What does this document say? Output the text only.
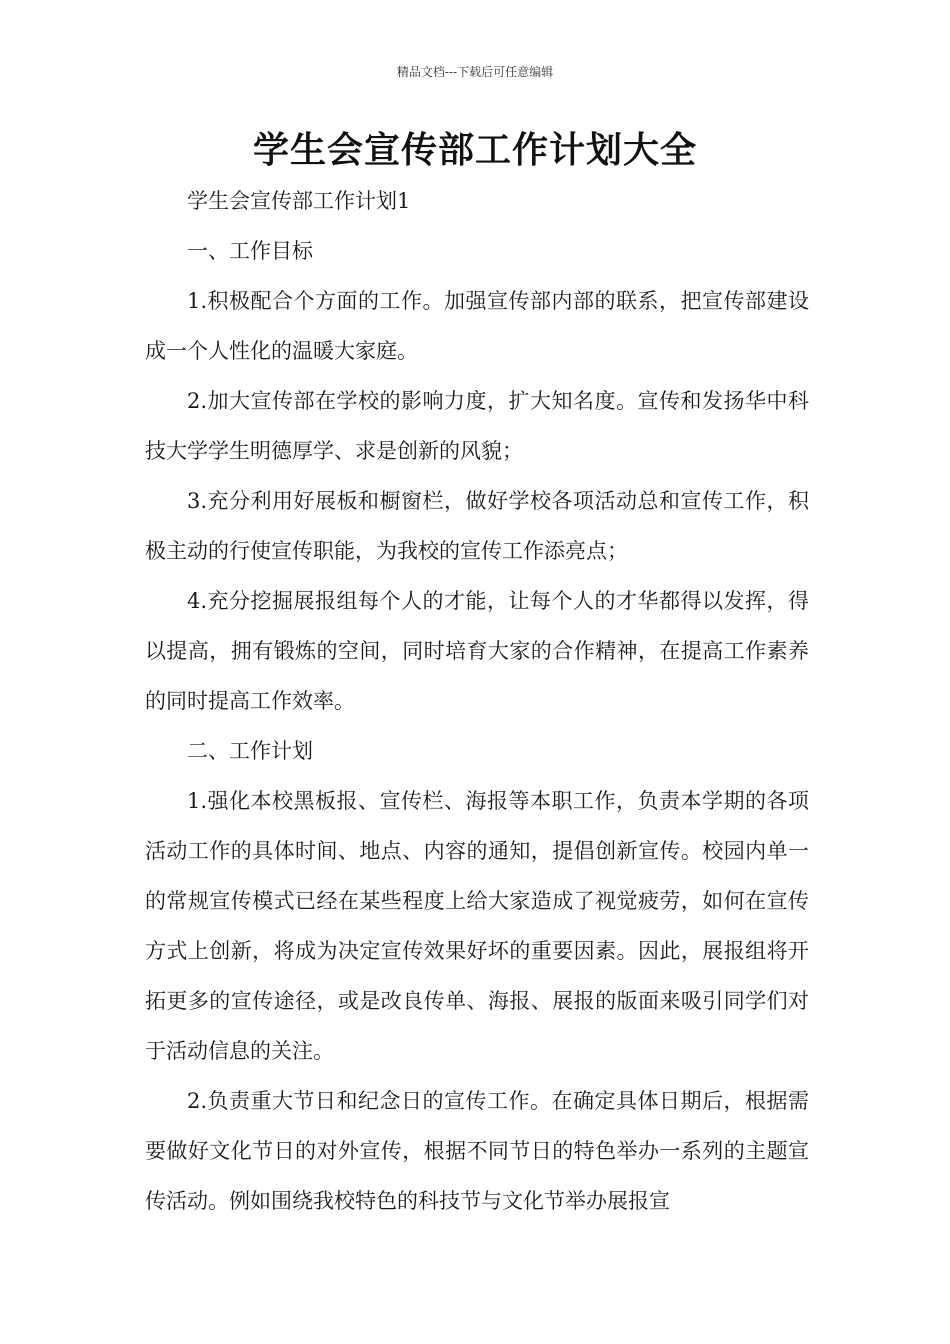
精品文档---下载后可任意编辑
学生会宣传部工作计划大全

学生会宣传部工作计划1

一、工作目标

1.积极配合个方面的工作。加强宣传部内部的联系，把宣传部建设成一个人性化的温暖大家庭。

2.加大宣传部在学校的影响力度，扩大知名度。宣传和发扬华中科技大学学生明德厚学、求是创新的风貌；

3.充分利用好展板和橱窗栏，做好学校各项活动总和宣传工作，积极主动的行使宣传职能，为我校的宣传工作添亮点；

4.充分挖掘展报组每个人的才能，让每个人的才华都得以发挥，得以提高，拥有锻炼的空间，同时培育大家的合作精神，在提高工作素养的同时提高工作效率。

二、工作计划

1.强化本校黑板报、宣传栏、海报等本职工作，负责本学期的各项活动工作的具体时间、地点、内容的通知，提倡创新宣传。校园内单一的常规宣传模式已经在某些程度上给大家造成了视觉疲劳，如何在宣传方式上创新，将成为决定宣传效果好坏的重要因素。因此，展报组将开拓更多的宣传途径，或是改良传单、海报、展报的版面来吸引同学们对于活动信息的关注。

2.负责重大节日和纪念日的宣传工作。在确定具体日期后，根据需要做好文化节日的对外宣传，根据不同节日的特色举办一系列的主题宣传活动。例如围绕我校特色的科技节与文化节举办展报宣
